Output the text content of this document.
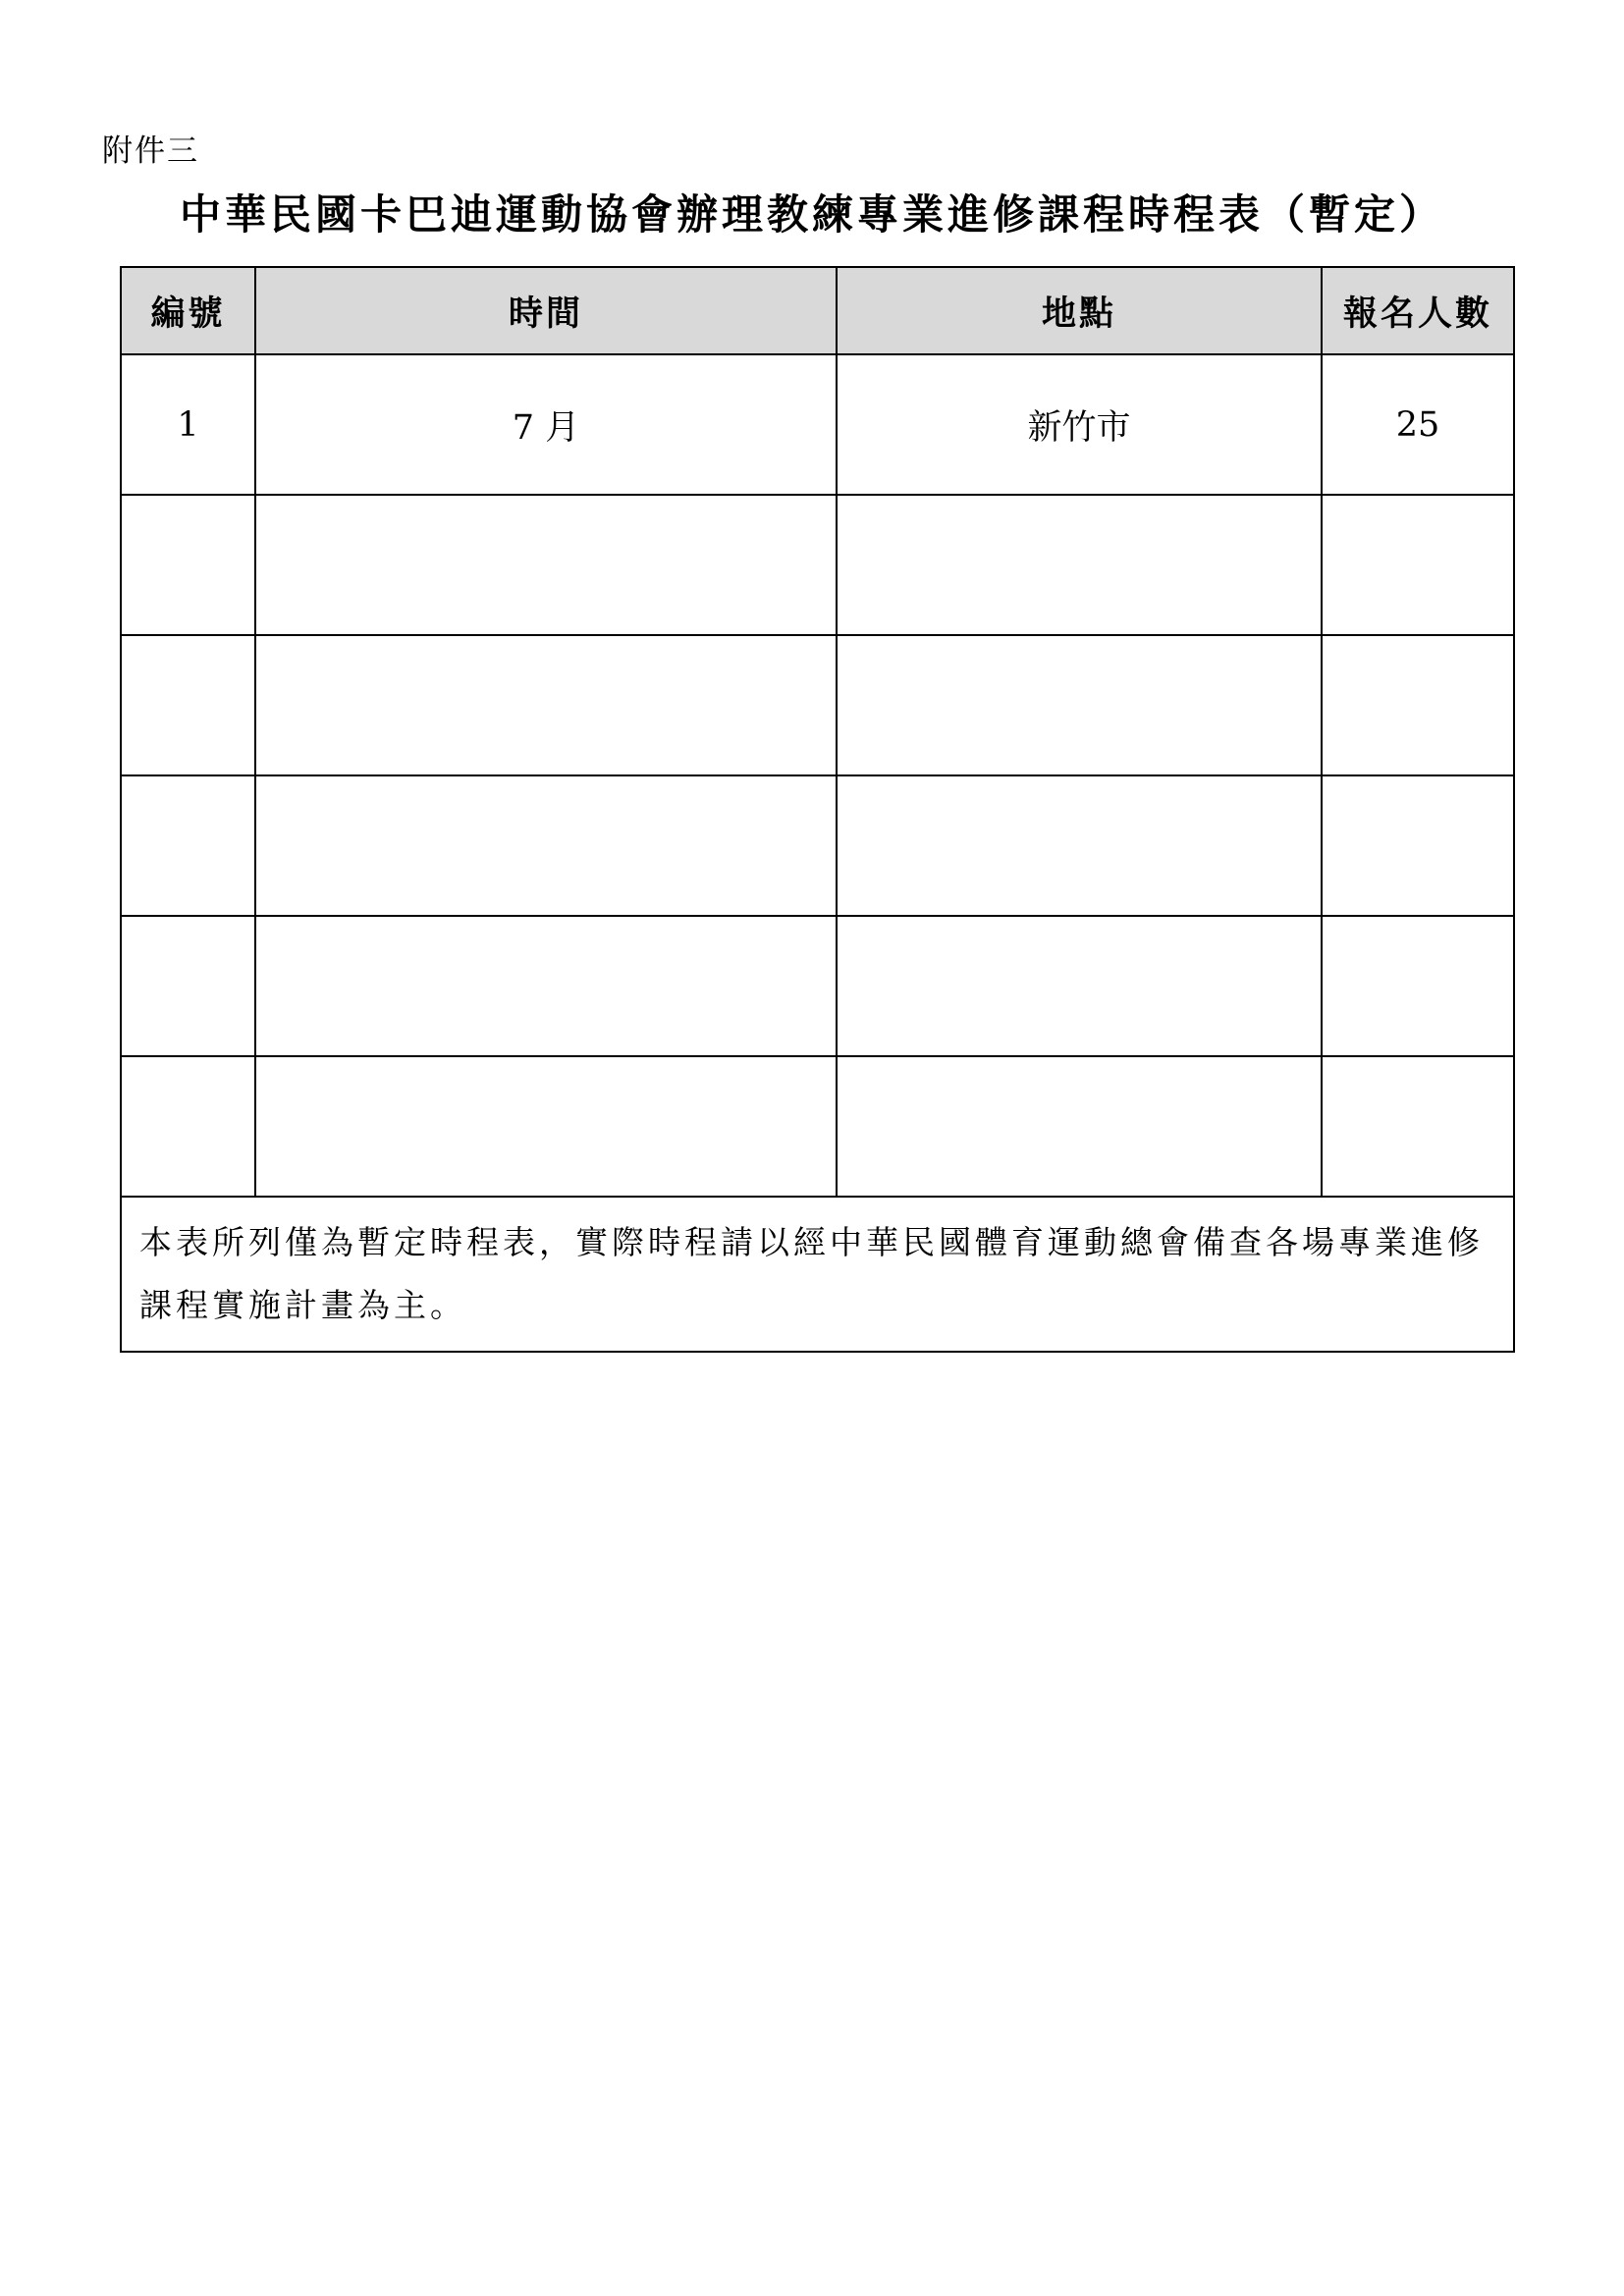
附件三
中華民國卡巴迪運動協會辦理教練專業進修課程時程表（暫定）
編號	時間	地點	報名人數
1	7 月	新竹市	25

本表所列僅為暫定時程表，實際時程請以經中華民國體育運動總會備查各場專業進修課程實施計畫為主。			
